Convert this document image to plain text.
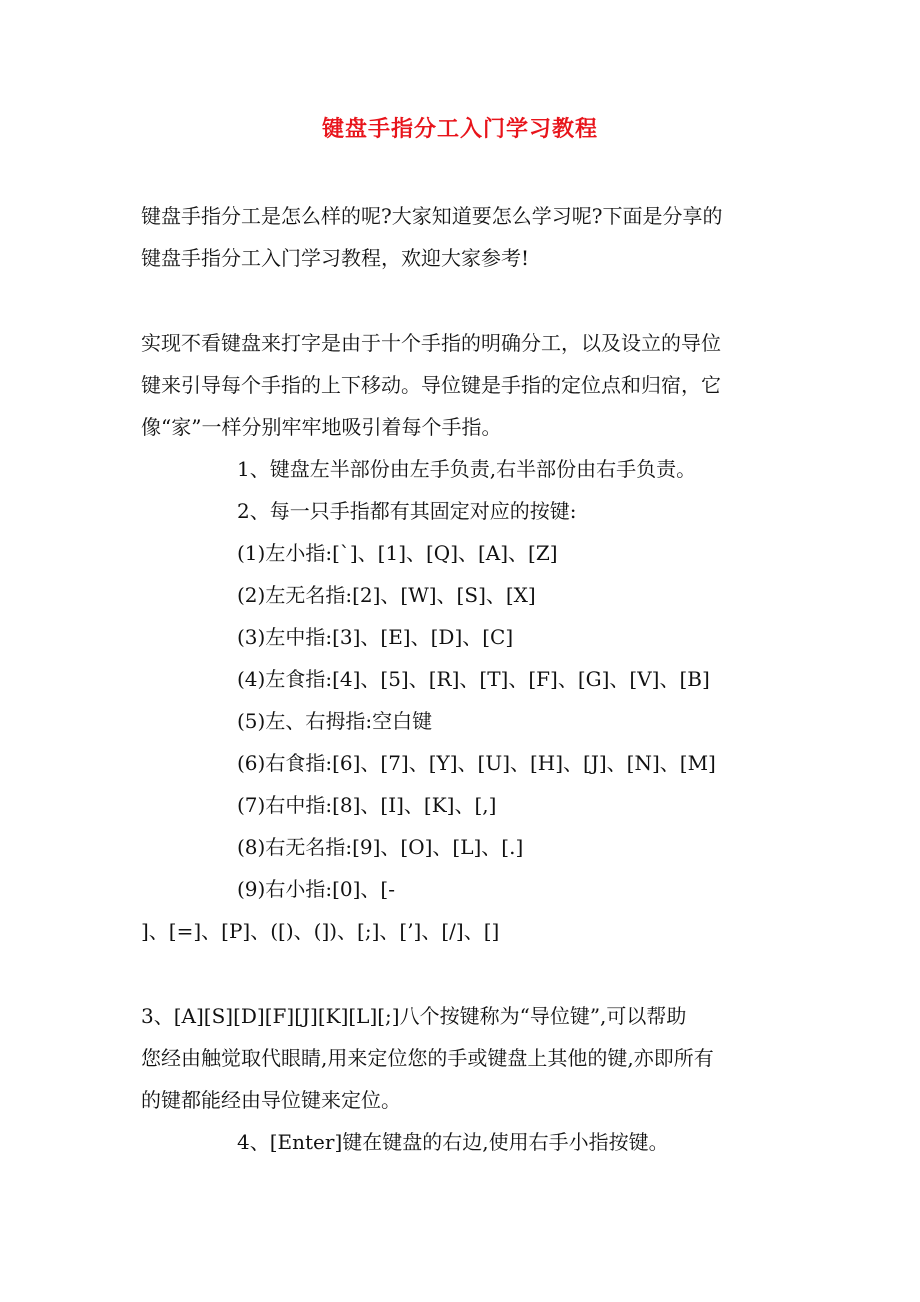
键盘手指分工入门学习教程
键盘手指分工是怎么样的呢?大家知道要怎么学习呢?下面是分享的
键盘手指分工入门学习教程，欢迎大家参考!
实现不看键盘来打字是由于十个手指的明确分工，以及设立的导位
键来引导每个手指的上下移动。导位键是手指的定位点和归宿，它
像“家”一样分别牢牢地吸引着每个手指。
1、键盘左半部份由左手负责,右半部份由右手负责。
2、每一只手指都有其固定对应的按键:
(1)左小指:[`]、[1]、[Q]、[A]、[Z]
(2)左无名指:[2]、[W]、[S]、[X]
(3)左中指:[3]、[E]、[D]、[C]
(4)左食指:[4]、[5]、[R]、[T]、[F]、[G]、[V]、[B]
(5)左、右拇指:空白键
(6)右食指:[6]、[7]、[Y]、[U]、[H]、[J]、[N]、[M]
(7)右中指:[8]、[I]、[K]、[,]
(8)右无名指:[9]、[O]、[L]、[.]
(9)右小指:[0]、[-
]、[=]、[P]、([)、(])、[;]、[’]、[/]、[]
3、[A][S][D][F][J][K][L][;]八个按键称为“导位键”,可以帮助
您经由触觉取代眼睛,用来定位您的手或键盘上其他的键,亦即所有
的键都能经由导位键来定位。
4、[Enter]键在键盘的右边,使用右手小指按键。
